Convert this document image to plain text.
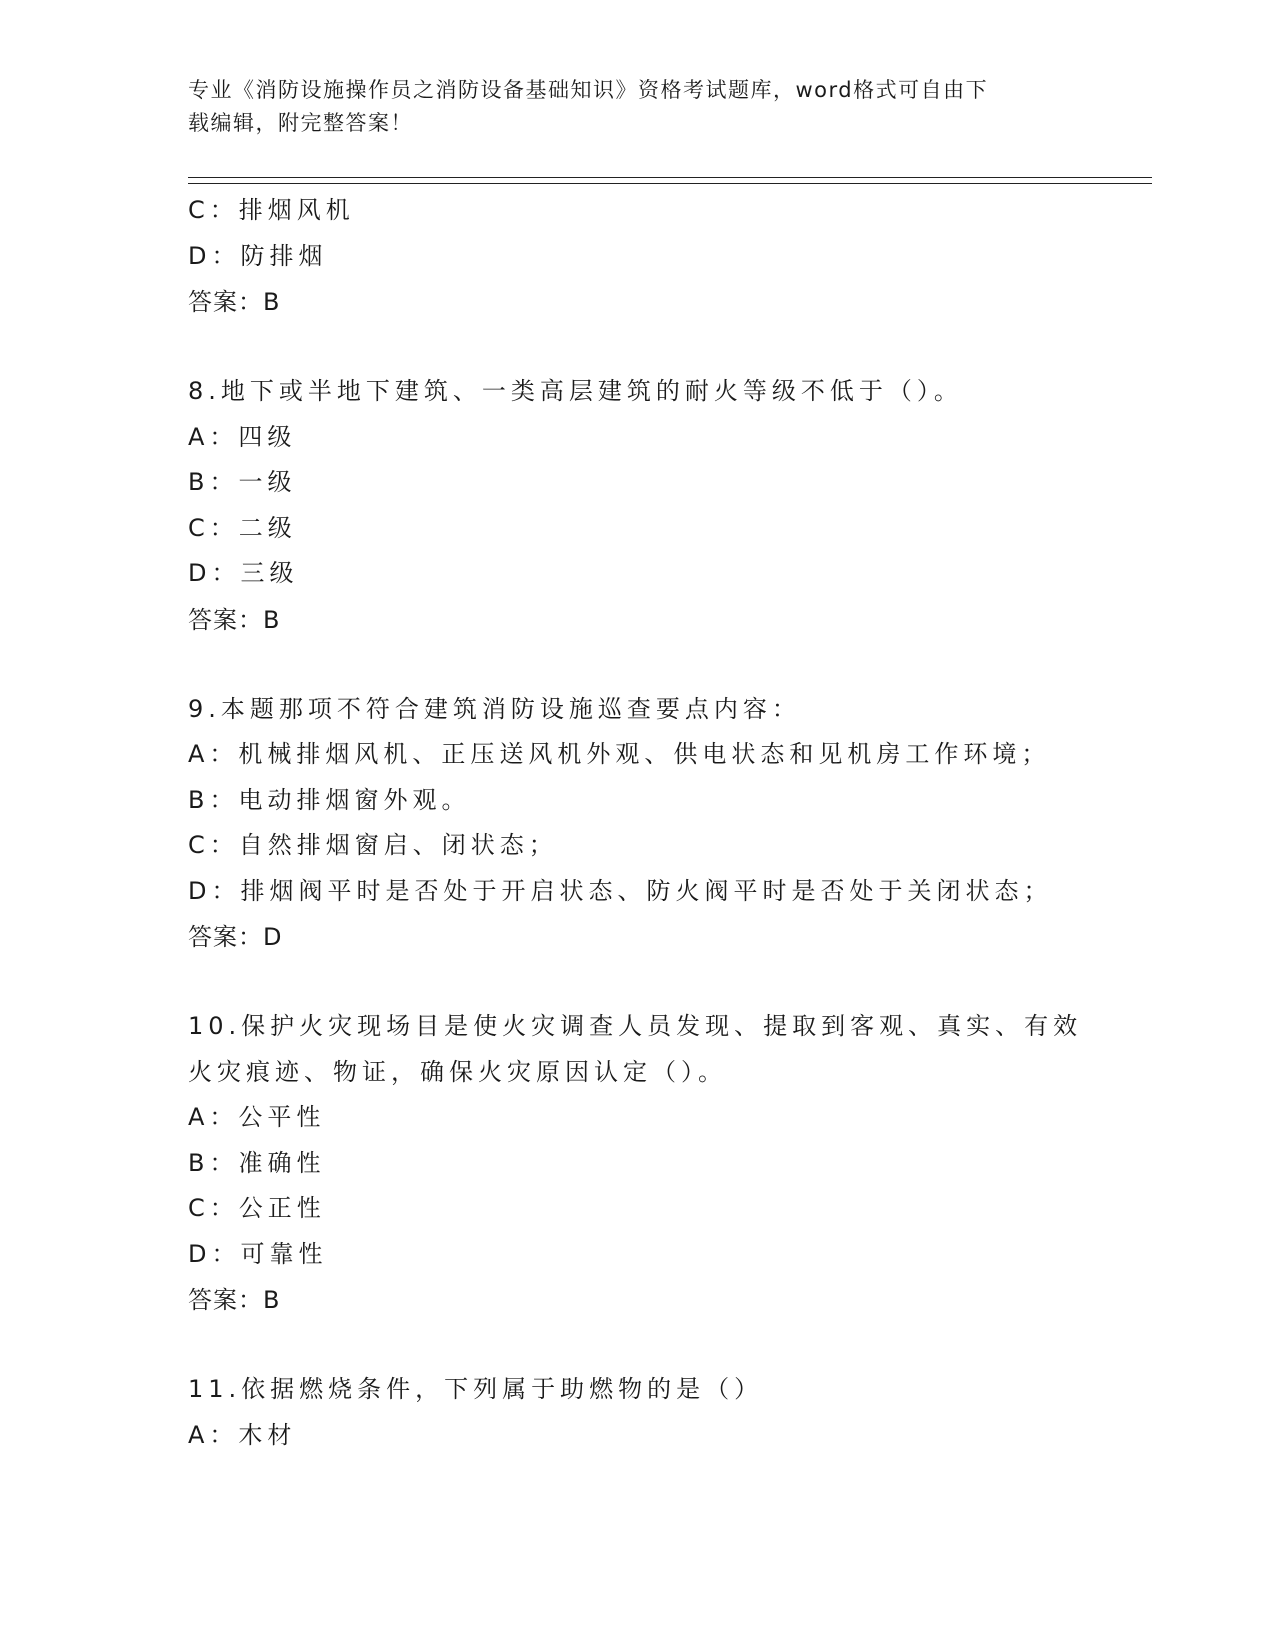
专业《消防设施操作员之消防设备基础知识》资格考试题库，word格式可自由下
载编辑，附完整答案！
C：排烟风机
D：防排烟
答案：B
8.地下或半地下建筑、一类高层建筑的耐火等级不低于（）。
A：四级
B：一级
C：二级
D：三级
答案：B
9.本题那项不符合建筑消防设施巡查要点内容：
A：机械排烟风机、正压送风机外观、供电状态和见机房工作环境；
B：电动排烟窗外观。
C：自然排烟窗启、闭状态；
D：排烟阀平时是否处于开启状态、防火阀平时是否处于关闭状态；
答案：D
10.保护火灾现场目是使火灾调查人员发现、提取到客观、真实、有效
火灾痕迹、物证，确保火灾原因认定（）。
A：公平性
B：准确性
C：公正性
D：可靠性
答案：B
11.依据燃烧条件，下列属于助燃物的是（）
A：木材
